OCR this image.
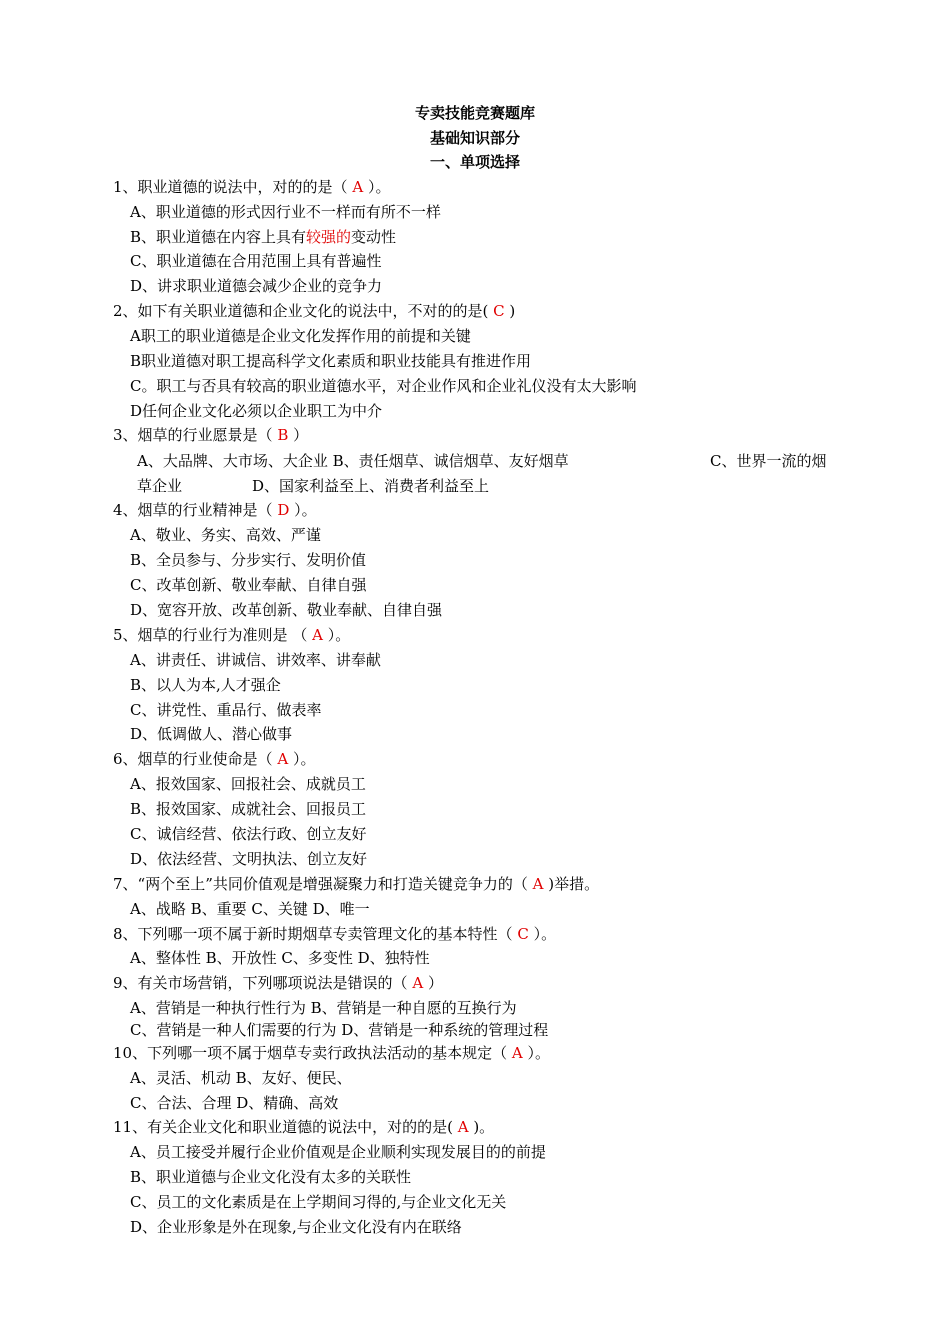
专卖技能竞赛题库
基础知识部分
一、单项选择
1、职业道德的说法中，对的的是（ A ）。
A、职业道德的形式因行业不一样而有所不一样
B、职业道德在内容上具有较强的变动性
C、职业道德在合用范围上具有普遍性
D、讲求职业道德会减少企业的竞争力
2、如下有关职业道德和企业文化的说法中，不对的的是( C )
A职工的职业道德是企业文化发挥作用的前提和关键
B职业道德对职工提高科学文化素质和职业技能具有推进作用
C。职工与否具有较高的职业道德水平，对企业作风和企业礼仪没有太大影响
D任何企业文化必须以企业职工为中介
3、烟草的行业愿景是（ B ）
A、大品牌、大市场、大企业 B、责任烟草、诚信烟草、友好烟草	C、世界一流的烟
草企业	D、国家利益至上、消费者利益至上
4、烟草的行业精神是（ D ）。
A、敬业、务实、高效、严谨
B、全员参与、分步实行、发明价值
C、改革创新、敬业奉献、自律自强
D、宽容开放、改革创新、敬业奉献、自律自强
5、烟草的行业行为准则是 （ A ）。
A、讲责任、讲诚信、讲效率、讲奉献
B、以人为本,人才强企
C、讲党性、重品行、做表率
D、低调做人、潜心做事
6、烟草的行业使命是（ A ）。
A、报效国家、回报社会、成就员工
B、报效国家、成就社会、回报员工
C、诚信经营、依法行政、创立友好
D、依法经营、文明执法、创立友好
7、“两个至上”共同价值观是增强凝聚力和打造关键竞争力的（ A )举措。
A、战略 B、重要 C、关键 D、唯一
8、下列哪一项不属于新时期烟草专卖管理文化的基本特性（ C ）。
A、整体性 B、开放性 C、多变性 D、独特性
9、有关市场营销，下列哪项说法是错误的（ A ）
A、营销是一种执行性行为 B、营销是一种自愿的互换行为
C、营销是一种人们需要的行为 D、营销是一种系统的管理过程
10、下列哪一项不属于烟草专卖行政执法活动的基本规定（ A ）。
A、灵活、机动 B、友好、便民、
C、合法、合理 D、精确、高效
11、有关企业文化和职业道德的说法中，对的的是( A )。
A、员工接受并履行企业价值观是企业顺利实现发展目的的前提
B、职业道德与企业文化没有太多的关联性
C、员工的文化素质是在上学期间习得的,与企业文化无关
D、企业形象是外在现象,与企业文化没有内在联络
